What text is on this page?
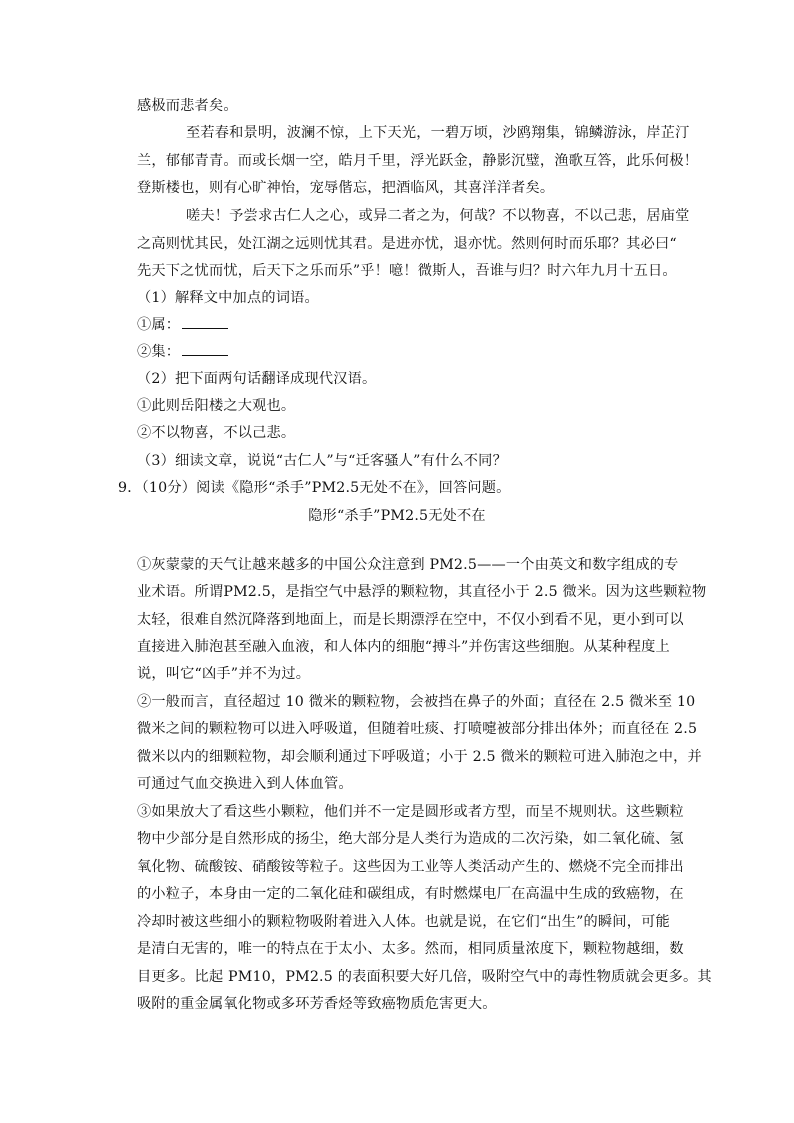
感极而悲者矣。
至若春和景明，波澜不惊，上下天光，一碧万顷，沙鸥翔集，锦鳞游泳，岸芷汀
兰，郁郁青青。而或长烟一空，皓月千里，浮光跃金，静影沉璧，渔歌互答，此乐何极！
登斯楼也，则有心旷神怡，宠辱偕忘，把酒临风，其喜洋洋者矣。
嗟夫！予尝求古仁人之心，或异二者之为，何哉？不以物喜，不以己悲，居庙堂
之高则忧其民，处江湖之远则忧其君。是进亦忧，退亦忧。然则何时而乐耶？其必曰“
先天下之忧而忧，后天下之乐而乐”乎！噫！微斯人，吾谁与归？时六年九月十五日。
（1）解释文中加点的词语。
①属：
②集：
（2）把下面两句话翻译成现代汉语。
①此则岳阳楼之大观也。
②不以物喜，不以己悲。
（3）细读文章，说说“古仁人”与“迁客骚人”有什么不同？
9．（10分）阅读《隐形“杀手”PM2.5无处不在》，回答问题。
隐形“杀手”PM2.5无处不在
①灰蒙蒙的天气让越来越多的中国公众注意到 PM2.5——一个由英文和数字组成的专
业术语。所谓PM2.5，是指空气中悬浮的颗粒物，其直径小于 2.5 微米。因为这些颗粒物
太轻，很难自然沉降落到地面上，而是长期漂浮在空中，不仅小到看不见，更小到可以
直接进入肺泡甚至融入血液，和人体内的细胞“搏斗”并伤害这些细胞。从某种程度上
说，叫它“凶手”并不为过。
②一般而言，直径超过 10 微米的颗粒物，会被挡在鼻子的外面；直径在 2.5 微米至 10
微米之间的颗粒物可以进入呼吸道，但随着吐痰、打喷嚏被部分排出体外；而直径在 2.5
微米以内的细颗粒物，却会顺利通过下呼吸道；小于 2.5 微米的颗粒可进入肺泡之中，并
可通过气血交换进入到人体血管。
③如果放大了看这些小颗粒，他们并不一定是圆形或者方型，而呈不规则状。这些颗粒
物中少部分是自然形成的扬尘，绝大部分是人类行为造成的二次污染，如二氧化硫、氢
氧化物、硫酸铵、硝酸铵等粒子。这些因为工业等人类活动产生的、燃烧不完全而排出
的小粒子，本身由一定的二氧化硅和碳组成，有时燃煤电厂在高温中生成的致癌物，在
冷却时被这些细小的颗粒物吸附着进入人体。也就是说，在它们“出生”的瞬间，可能
是清白无害的，唯一的特点在于太小、太多。然而，相同质量浓度下，颗粒物越细，数
目更多。比起 PM10，PM2.5 的表面积要大好几倍，吸附空气中的毒性物质就会更多。其
吸附的重金属氧化物或多环芳香烃等致癌物质危害更大。
